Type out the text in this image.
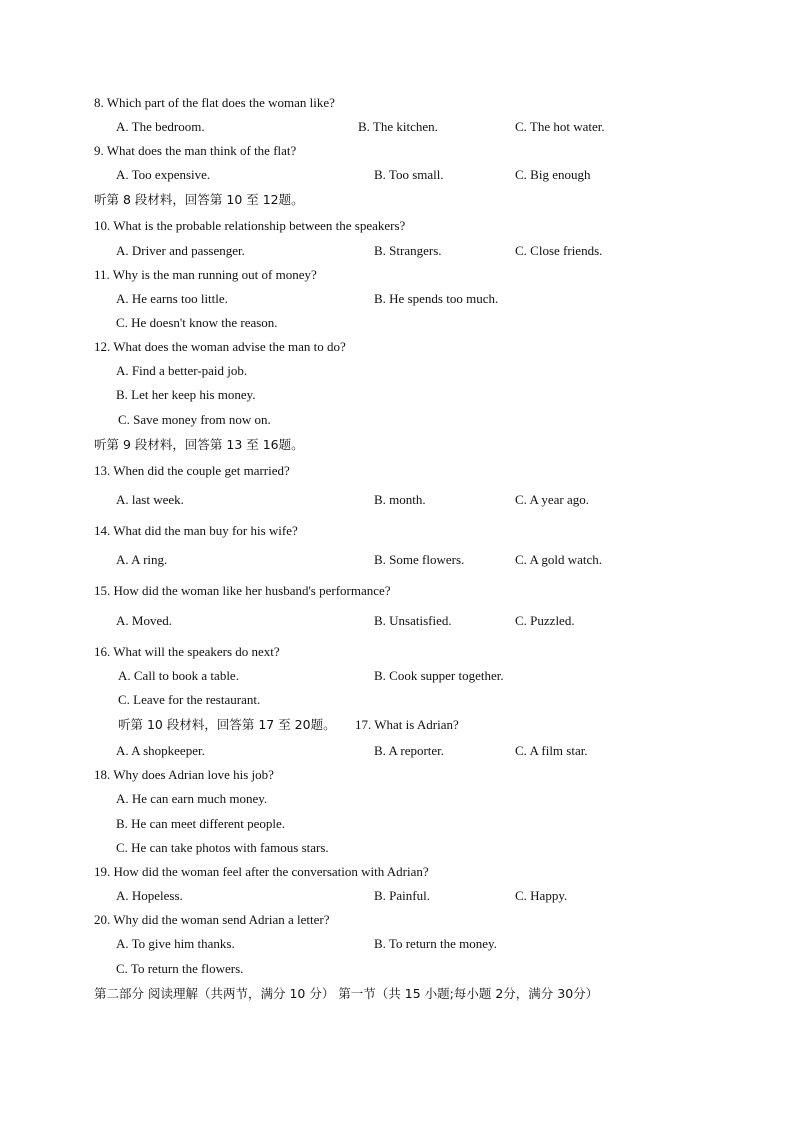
8. Which part of the flat does the woman like?
A. The bedroom.	B. The kitchen.	C. The hot water.
9. What does the man think of the flat?
A. Too expensive.	B. Too small.	C. Big enough
听第 8 段材料，回答第 10 至 12题。
10. What is the probable relationship between the speakers?
A. Driver and passenger.	B. Strangers.	C. Close friends.
11. Why is the man running out of money?
A. He earns too little.	B. He spends too much.
C. He doesn't know the reason.
12. What does the woman advise the man to do?
A. Find a better-paid job.
B. Let her keep his money.
C. Save money from now on.
听第 9 段材料，回答第 13 至 16题。
13. When did the couple get married?
A. last week.	B. month.	C. A year ago.
14. What did the man buy for his wife?
A. A ring.	B. Some flowers.	C. A gold watch.
15. How did the woman like her husband's performance?
A. Moved.	B. Unsatisfied.	C. Puzzled.
16. What will the speakers do next?
A. Call to book a table.	B. Cook supper together.
C. Leave for the restaurant.
听第 10 段材料，回答第 17 至 20题。 17. What is Adrian?
A. A shopkeeper.	B. A reporter.	C. A film star.
18. Why does Adrian love his job?
A. He can earn much money.
B. He can meet different people.
C. He can take photos with famous stars.
19. How did the woman feel after the conversation with Adrian?
A. Hopeless.	B. Painful.	C. Happy.
20. Why did the woman send Adrian a letter?
A. To give him thanks.	B. To return the money.
C. To return the flowers.
第二部分 阅读理解（共两节，满分 10 分） 第一节（共 15 小题;每小题 2分，满分 30分）
